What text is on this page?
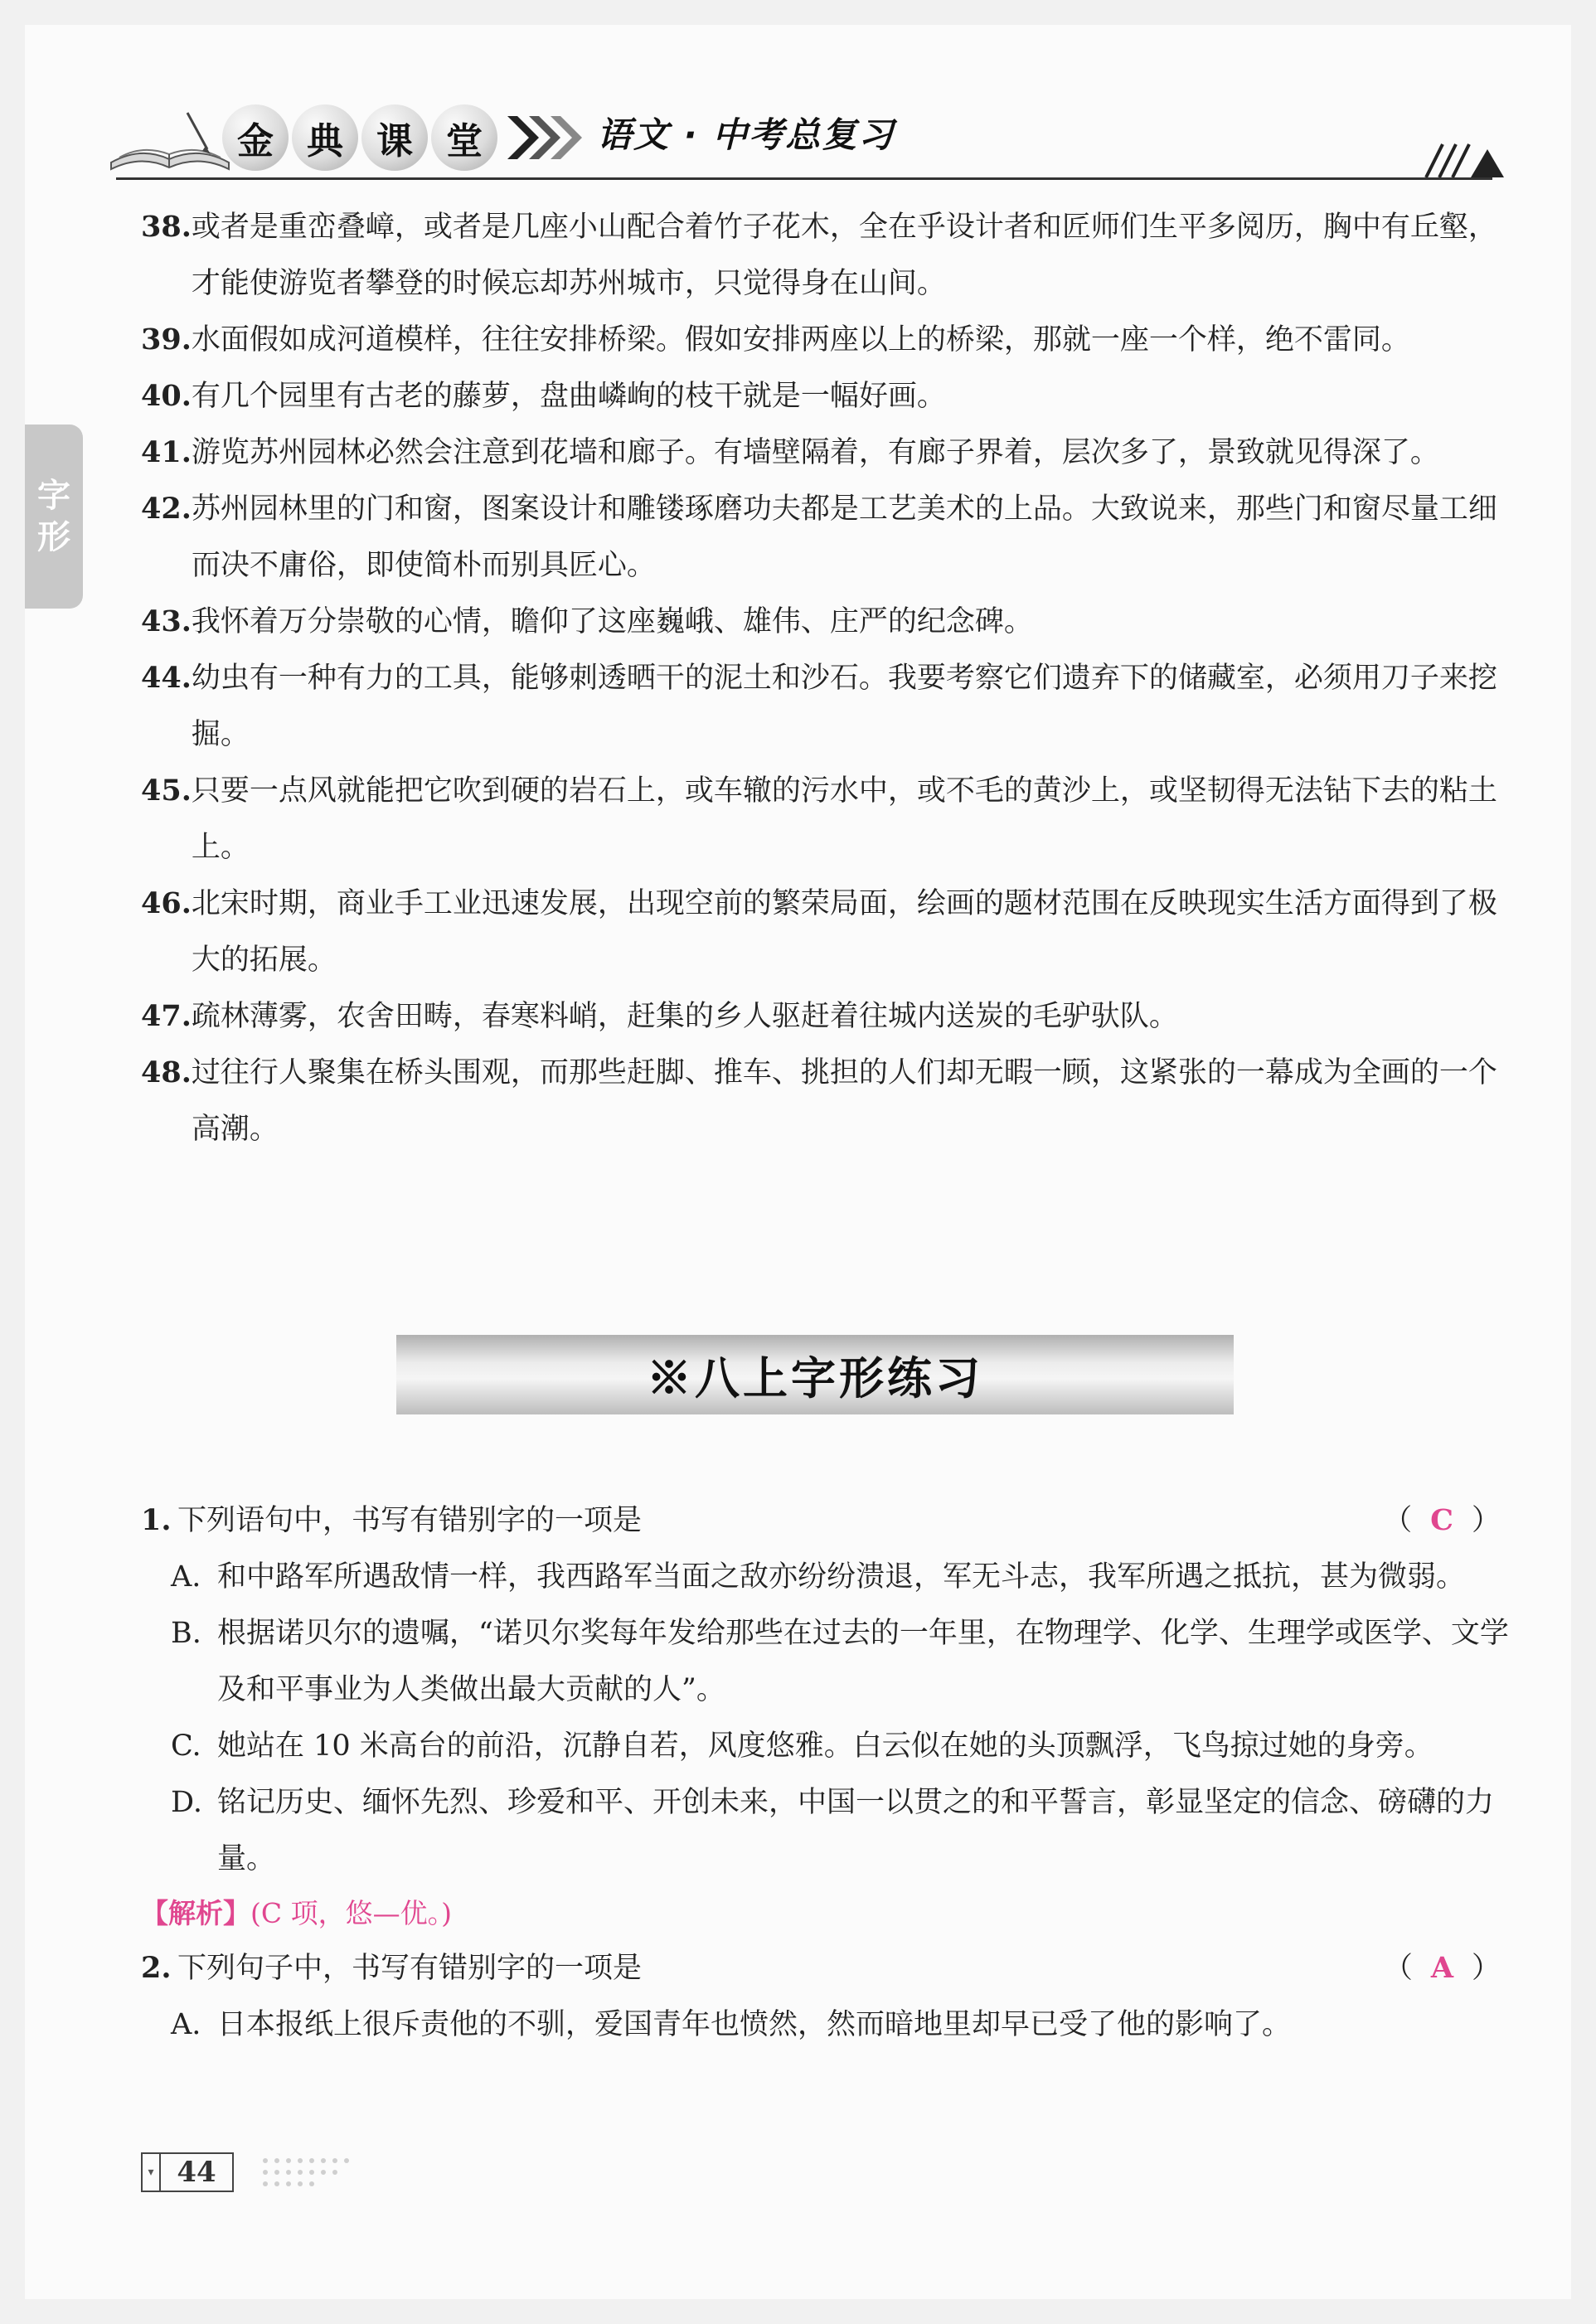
金 典 课 堂	语文 · 中考总复习
字
形
38. 或者是重峦叠嶂，或者是几座小山配合着竹子花木，全在乎设计者和匠师们生平多阅历，胸中有丘壑，才能使游览者攀登的时候忘却苏州城市，只觉得身在山间。
39. 水面假如成河道模样，往往安排桥梁。假如安排两座以上的桥梁，那就一座一个样，绝不雷同。
40. 有几个园里有古老的藤萝，盘曲嶙峋的枝干就是一幅好画。
41. 游览苏州园林必然会注意到花墙和廊子。有墙壁隔着，有廊子界着，层次多了，景致就见得深了。
42. 苏州园林里的门和窗，图案设计和雕镂琢磨功夫都是工艺美术的上品。大致说来，那些门和窗尽量工细而决不庸俗，即使简朴而别具匠心。
43. 我怀着万分崇敬的心情，瞻仰了这座巍峨、雄伟、庄严的纪念碑。
44. 幼虫有一种有力的工具，能够刺透晒干的泥土和沙石。我要考察它们遗弃下的储藏室，必须用刀子来挖掘。
45. 只要一点风就能把它吹到硬的岩石上，或车辙的污水中，或不毛的黄沙上，或坚韧得无法钻下去的粘土上。
46. 北宋时期，商业手工业迅速发展，出现空前的繁荣局面，绘画的题材范围在反映现实生活方面得到了极大的拓展。
47. 疏林薄雾，农舍田畴，春寒料峭，赶集的乡人驱赶着往城内送炭的毛驴驮队。
48. 过往行人聚集在桥头围观，而那些赶脚、推车、挑担的人们却无暇一顾，这紧张的一幕成为全画的一个高潮。
※八上字形练习
1. 下列语句中，书写有错别字的一项是	（ C ）
A. 和中路军所遇敌情一样，我西路军当面之敌亦纷纷溃退，军无斗志，我军所遇之抵抗，甚为微弱。
B. 根据诺贝尔的遗嘱，“诺贝尔奖每年发给那些在过去的一年里，在物理学、化学、生理学或医学、文学及和平事业为人类做出最大贡献的人”。
C. 她站在 10 米高台的前沿，沉静自若，风度悠雅。白云似在她的头顶飘浮，飞鸟掠过她的身旁。
D. 铭记历史、缅怀先烈、珍爱和平、开创未来，中国一以贯之的和平誓言，彰显坚定的信念、磅礴的力量。
【解析】(C 项，悠—优。)
2. 下列句子中，书写有错别字的一项是	（ A ）
A. 日本报纸上很斥责他的不驯，爱国青年也愤然，然而暗地里却早已受了他的影响了。
▾ 44
